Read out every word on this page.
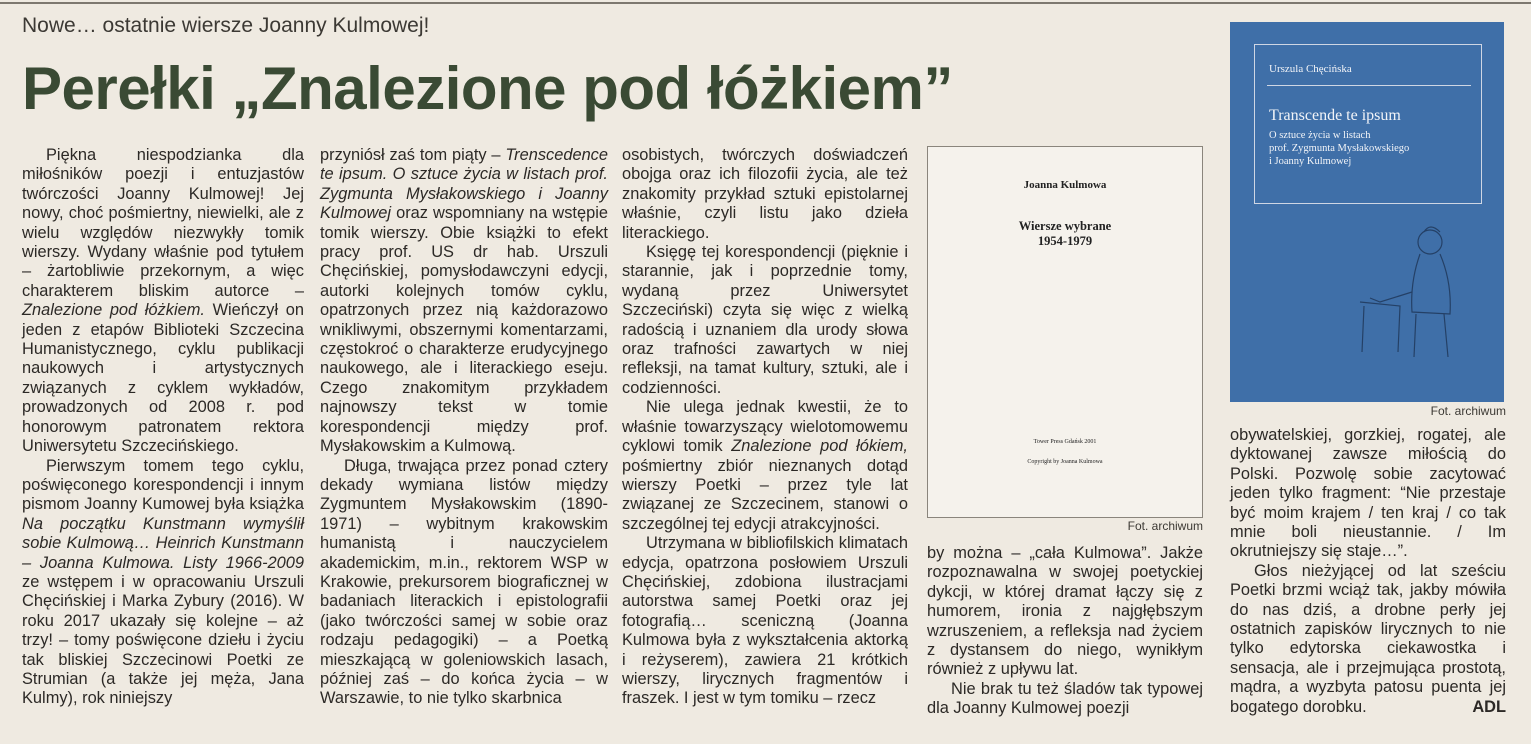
Nowe… ostatnie wiersze Joanny Kulmowej!
Perełki „Znalezione pod łóżkiem”

Piękna niespodzianka dla miłośników poezji i entuzjastów twórczości Joanny Kulmowej! Jej nowy, choć pośmiertny, niewielki, ale z wielu względów niezwykły tomik wierszy. Wydany właśnie pod tytułem – żartobliwie przekornym, a więc charakterem bliskim autorce – Znalezione pod łóżkiem. Wieńczył on jeden z etapów Biblioteki Szczecina Humanistycznego, cyklu publikacji naukowych i artystycznych związanych z cyklem wykładów, prowadzonych od 2008 r. pod honorowym patronatem rektora Uniwersytetu Szczecińskiego.

Pierwszym tomem tego cyklu, poświęconego korespondencji i innym pismom Joanny Kumowej była książka Na początku Kunstmann wymyślił sobie Kulmową… Heinrich Kunstmann – Joanna Kulmowa. Listy 1966-2009 ze wstępem i w opracowaniu Urszuli Chęcińskiej i Marka Zybury (2016). W roku 2017 ukazały się kolejne – aż trzy! – tomy poświęcone dziełu i życiu tak bliskiej Szczecinowi Poetki ze Strumian (a także jej męża, Jana Kulmy), rok niniejszy

przyniósł zaś tom piąty – Trenscedence te ipsum. O sztuce życia w listach prof. Zygmunta Mysłakowskiego i Joanny Kulmowej oraz wspomniany na wstępie tomik wierszy. Obie książki to efekt pracy prof. US dr hab. Urszuli Chęcińskiej, pomysłodawczyni edycji, autorki kolejnych tomów cyklu, opatrzonych przez nią każdorazowo wnikliwymi, obszernymi komentarzami, częstokroć o charakterze erudycyjnego naukowego, ale i literackiego eseju. Czego znakomitym przykładem najnowszy tekst w tomie korespondencji między prof. Mysłakowskim a Kulmową.

Długa, trwająca przez ponad cztery dekady wymiana listów między Zygmuntem Mysłakowskim (1890-1971) – wybitnym krakowskim humanistą i nauczycielem akademickim, m.in., rektorem WSP w Krakowie, prekursorem biograficznej w badaniach literackich i epistolografii (jako twórczości samej w sobie oraz rodzaju pedagogiki) – a Poetką mieszkającą w goleniowskich lasach, później zaś – do końca życia – w Warszawie, to nie tylko skarbnica

osobistych, twórczych doświadczeń obojga oraz ich filozofii życia, ale też znakomity przykład sztuki epistolarnej właśnie, czyli listu jako dzieła literackiego.

Księgę tej korespondencji (pięknie i starannie, jak i poprzednie tomy, wydaną przez Uniwersytet Szczeciński) czyta się więc z wielką radością i uznaniem dla urody słowa oraz trafności zawartych w niej refleksji, na tamat kultury, sztuki, ale i codzienności.

Nie ulega jednak kwestii, że to właśnie towarzyszący wielotomowemu cyklowi tomik Znalezione pod łókiem, pośmiertny zbiór nieznanych dotąd wierszy Poetki – przez tyle lat związanej ze Szczecinem, stanowi o szczególnej tej edycji atrakcyjności.

Utrzymana w bibliofilskich klimatach edycja, opatrzona posłowiem Urszuli Chęcińskiej, zdobiona ilustracjami autorstwa samej Poetki oraz jej fotografią… sceniczną (Joanna Kulmowa była z wykształcenia aktorką i reżyserem), zawiera 21 krótkich wierszy, lirycznych fragmentów i fraszek. I jest w tym tomiku – rzecz

Joanna Kulmowa
Wiersze wybrane
1954-1979
Tower Press Gdańsk 2001
Copyright by Joanna Kulmowa
Fot. archiwum

by można – „cała Kulmowa”. Jakże rozpoznawalna w swojej poetyckiej dykcji, w której dramat łączy się z humorem, ironia z najgłębszym wzruszeniem, a refleksja nad życiem z dystansem do niego, wynikłym również z upływu lat.

Nie brak tu też śladów tak typowej dla Joanny Kulmowej poezji

Urszula Chęcińska
Transcende te ipsum
O sztuce życia w listach
prof. Zygmunta Mysłakowskiego
i Joanny Kulmowej
Fot. archiwum

obywatelskiej, gorzkiej, rogatej, ale dyktowanej zawsze miłością do Polski. Pozwolę sobie zacytować jeden tylko fragment: “Nie przestaje być moim krajem / ten kraj / co tak mnie boli nieustannie. / Im okrutniejszy się staje…”.

Głos nieżyjącej od lat sześciu Poetki brzmi wciąż tak, jakby mówiła do nas dziś, a drobne perły jej ostatnich zapisków lirycznych to nie tylko edytorska ciekawostka i sensacja, ale i przejmująca prostotą, mądra, a wyzbyta patosu puenta jej bogatego dorobku.	ADL
